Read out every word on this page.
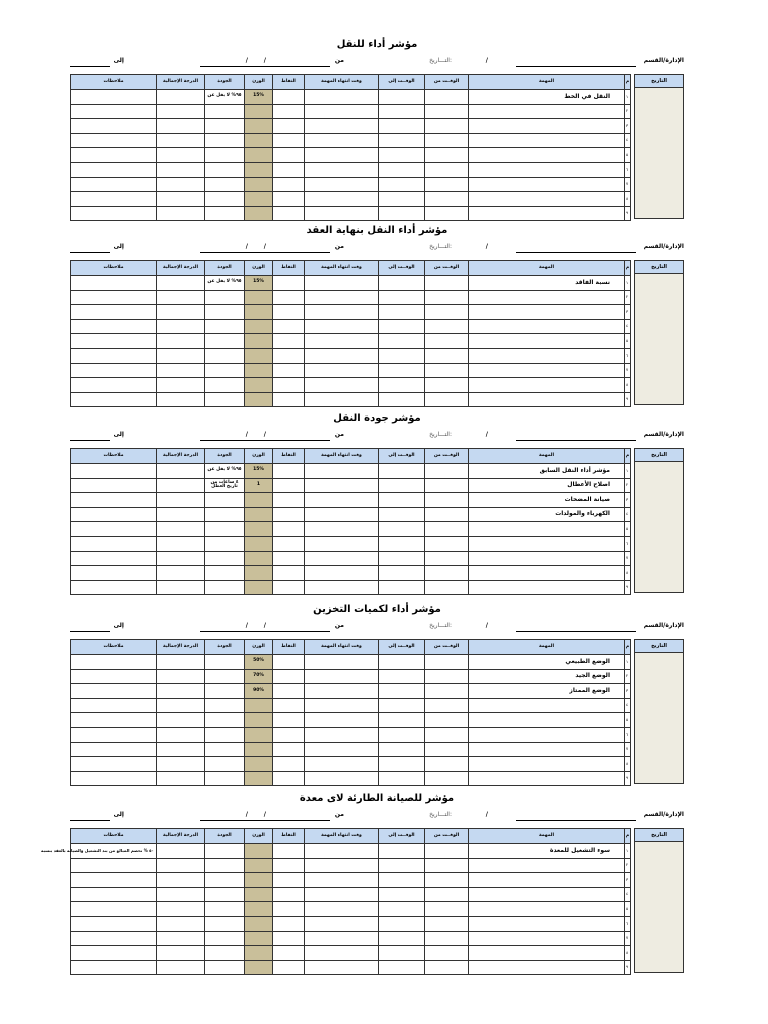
مؤشر أداء للنقل
الإدارة/القسم
:التـــاريخ	/
من
/	/
إلى
م	المهمة	الوقــت من	الوقــت إلى	وقت انتهاء المهمة	النقاط	الوزن	الجودة	الدرجة الإجمالية	ملاحظات
١	النقل في الخط					15%	٩٥% لا يقل عن		
٢									
٣									
٤									
٥									
٦									
٧									
٨									
٩									
التاريخ
مؤشر أداء النقل بنهاية العقد
الإدارة/القسم
:التـــاريخ	/
من
/	/
إلى
م	المهمة	الوقــت من	الوقــت إلى	وقت انتهاء المهمة	النقاط	الوزن	الجودة	الدرجة الإجمالية	ملاحظات
١	نسبة الفاقد					15%	٩٥% لا يقل عن		
٢									
٣									
٤									
٥									
٦									
٧									
٨									
٩									
التاريخ
مؤشر جودة النقل
الإدارة/القسم
:التـــاريخ	/
من
/	/
إلى
م	المهمة	الوقــت من	الوقــت إلى	وقت انتهاء المهمة	النقاط	الوزن	الجودة	الدرجة الإجمالية	ملاحظات
١	مؤشر أداء النقل السابق					15%	٩٥% لا يقل عن		
٢	اصلاح الأعطال					1	٤ ساعات من تاريخ العطل		
٣	صيانة المضخات								
٤	الكهرباء والمولدات								
٥									
٦									
٧									
٨									
٩									
التاريخ
مؤشر أداء لكميات التخزين
الإدارة/القسم
:التـــاريخ	/
من
/	/
إلى
م	المهمة	الوقــت من	الوقــت إلى	وقت انتهاء المهمة	النقاط	الوزن	الجودة	الدرجة الإجمالية	ملاحظات
١	الوضع الطبيعي					50%			
٢	الوضع الجيد					70%			
٣	الوضع الممتاز					90%			
٤									
٥									
٦									
٧									
٨									
٩									
التاريخ
مؤشر للصيانة الطارئة لاى معدة
الإدارة/القسم
:التـــاريخ	/
من
/	/
إلى
م	المهمة	الوقــت من	الوقــت إلى	وقت انتهاء المهمة	النقاط	الوزن	الجودة	الدرجة الإجمالية	ملاحظات
١	سوء التشغيل للمعدة								٥٠ % تخصم المبالغ من بند التشغيل والصيانة بالعقد بنسبة
٢									
٣									
٤									
٥									
٦									
٧									
٨									
٩									
التاريخ
